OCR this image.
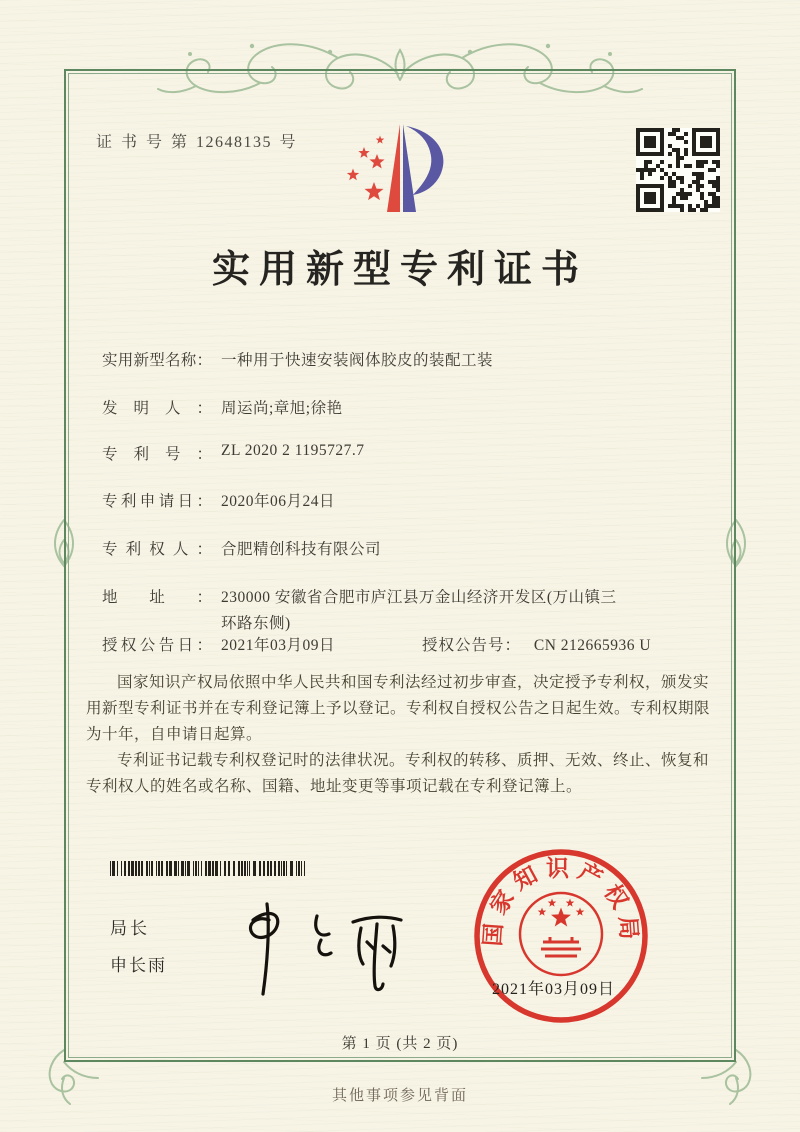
证 书 号 第 12648135 号
实用新型专利证书
实用新型名称： 一种用于快速安装阀体胶皮的装配工装
发明人： 周运尚;章旭;徐艳
专利号： ZL 2020 2 1195727.7
专利申请日： 2020年06月24日
专利权人： 合肥精创科技有限公司
地址： 230000 安徽省合肥市庐江县万金山经济开发区(万山镇三环路东侧)
授权公告日： 2021年03月09日	授权公告号： CN 212665936 U

国家知识产权局依照中华人民共和国专利法经过初步审查，决定授予专利权，颁发实用新型专利证书并在专利登记簿上予以登记。专利权自授权公告之日起生效。专利权期限为十年，自申请日起算。

专利证书记载专利权登记时的法律状况。专利权的转移、质押、无效、终止、恢复和专利权人的姓名或名称、国籍、地址变更等事项记载在专利登记簿上。

局长
申长雨
国家知识产权局
2021年03月09日
第 1 页 (共 2 页)
其他事项参见背面
